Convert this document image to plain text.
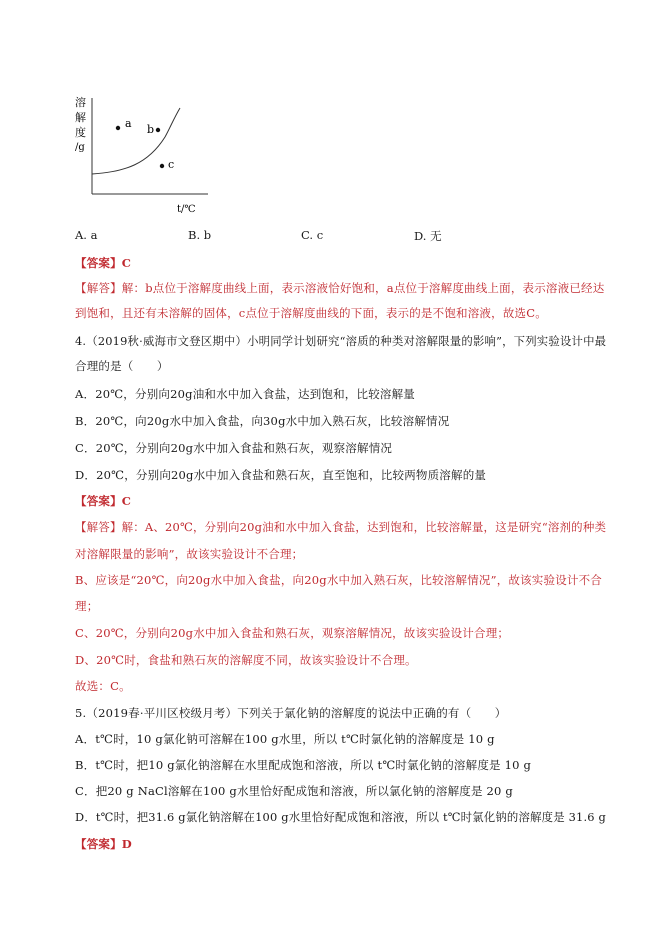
溶
解
度
/g
a b
c
t/℃
A. a	B. b	C. c	D. 无
【答案】C
【解答】解：b点位于溶解度曲线上面，表示溶液恰好饱和，a点位于溶解度曲线上面，表示溶液已经达
到饱和，且还有未溶解的固体，c点位于溶解度曲线的下面，表示的是不饱和溶液，故选C。
4.（2019秋·威海市文登区期中）小明同学计划研究“溶质的种类对溶解限量的影响”，下列实验设计中最
合理的是（　　）
A．20℃，分别向20g油和水中加入食盐，达到饱和，比较溶解量
B．20℃，向20g水中加入食盐，向30g水中加入熟石灰，比较溶解情况
C．20℃，分别向20g水中加入食盐和熟石灰，观察溶解情况
D．20℃，分别向20g水中加入食盐和熟石灰，直至饱和，比较两物质溶解的量
【答案】C
【解答】解：A、20℃，分别向20g油和水中加入食盐，达到饱和，比较溶解量，这是研究“溶剂的种类
对溶解限量的影响”，故该实验设计不合理；
B、应该是“20℃，向20g水中加入食盐，向20g水中加入熟石灰，比较溶解情况”，故该实验设计不合
理；
C、20℃，分别向20g水中加入食盐和熟石灰，观察溶解情况，故该实验设计合理；
D、20℃时，食盐和熟石灰的溶解度不同，故该实验设计不合理。
故选：C。
5.（2019春·平川区校级月考）下列关于氯化钠的溶解度的说法中正确的有（　　）
A．t℃时，10 g氯化钠可溶解在100 g水里，所以 t℃时氯化钠的溶解度是 10 g
B．t℃时，把10 g氯化钠溶解在水里配成饱和溶液，所以 t℃时氯化钠的溶解度是 10 g
C．把20 g NaCl溶解在100 g水里恰好配成饱和溶液，所以氯化钠的溶解度是 20 g
D．t℃时，把31.6 g氯化钠溶解在100 g水里恰好配成饱和溶液，所以 t℃时氯化钠的溶解度是 31.6 g
【答案】D
